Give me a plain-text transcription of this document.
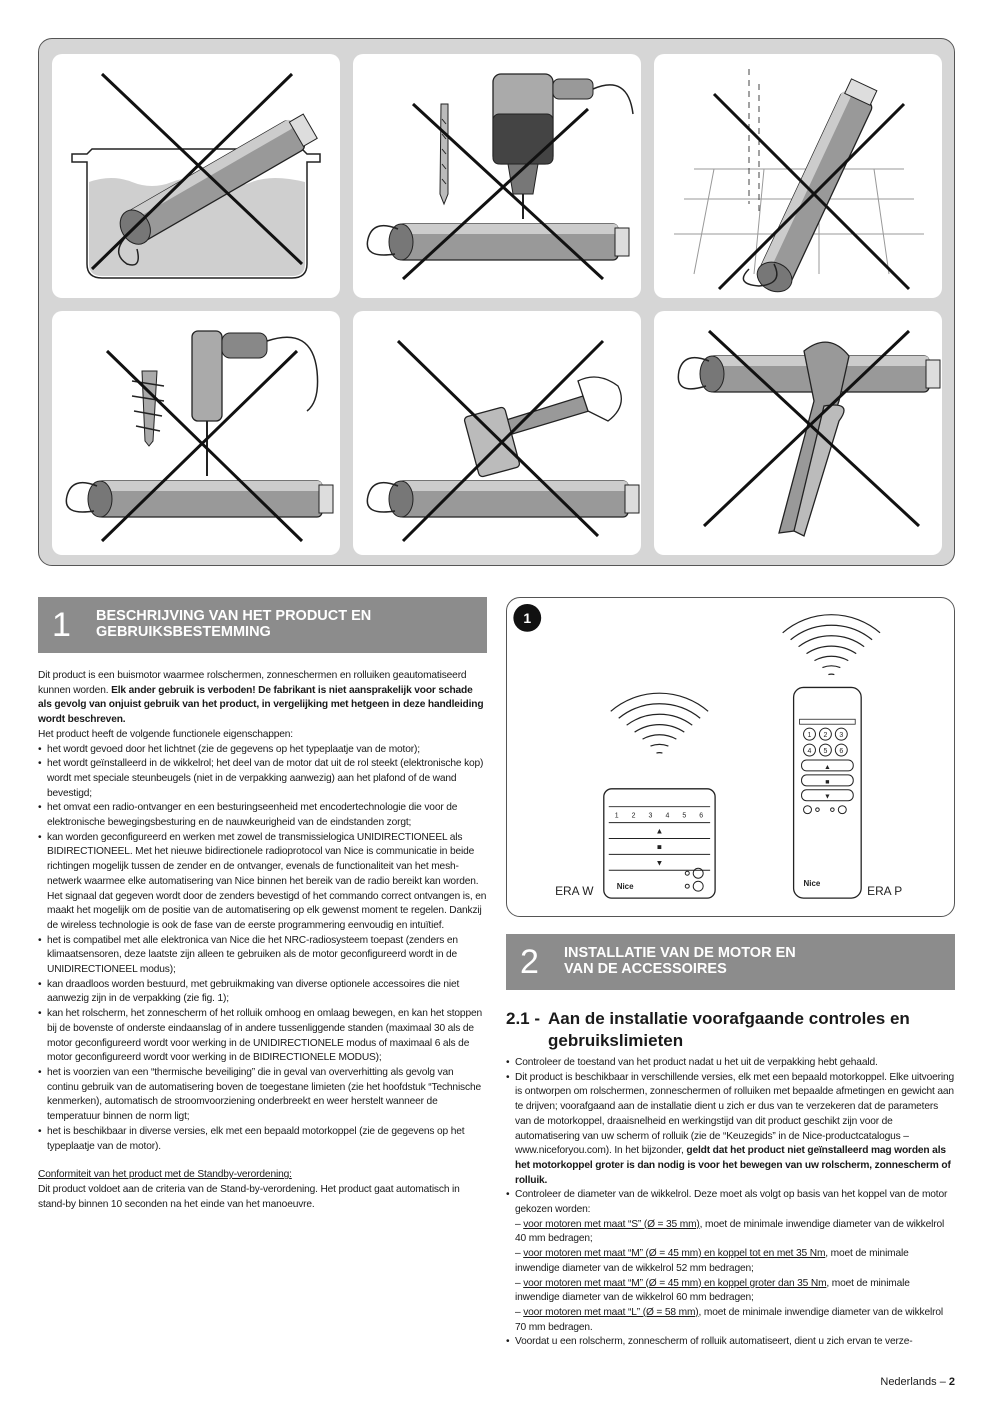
1 BESCHRIJVING VAN HET PRODUCT EN
GEBRUIKSBESTEMMING

Dit product is een buismotor waarmee rolschermen, zonneschermen en rolluiken geautomatiseerd kunnen worden. Elk ander gebruik is verboden! De fabrikant is niet aansprakelijk voor schade als gevolg van onjuist gebruik van het product, in vergelijking met hetgeen in deze handleiding wordt beschreven.

Het product heeft de volgende functionele eigenschappen:

• het wordt gevoed door het lichtnet (zie de gegevens op het typeplaatje van de motor);
• het wordt geïnstalleerd in de wikkelrol; het deel van de motor dat uit de rol steekt (elektronische kop) wordt met speciale steunbeugels (niet in de verpakking aanwezig) aan het plafond of de wand bevestigd;
• het omvat een radio-ontvanger en een besturingseenheid met encodertechnologie die voor de elektronische bewegingsbesturing en de nauwkeurigheid van de eindstanden zorgt;
• kan worden geconfigureerd en werken met zowel de transmissielogica UNIDIRECTIONEEL als BIDIRECTIONEEL. Met het nieuwe bidirectionele radioprotocol van Nice is communicatie in beide richtingen mogelijk tussen de zender en de ontvanger, evenals de functionaliteit van het mesh-netwerk waarmee elke automatisering van Nice binnen het bereik van de radio bereikt kan worden. Het signaal dat gegeven wordt door de zenders bevestigd of het commando correct ontvangen is, en maakt het mogelijk om de positie van de automatisering op elk gewenst moment te regelen. Dankzij de wireless technologie is ook de fase van de eerste programmering eenvoudig en intuïtief.
• het is compatibel met alle elektronica van Nice die het NRC-radiosysteem toepast (zenders en klimaatsensoren, deze laatste zijn alleen te gebruiken als de motor geconfigureerd wordt in de UNIDIRECTIONEEL modus);
• kan draadloos worden bestuurd, met gebruikmaking van diverse optionele accessoires die niet aanwezig zijn in de verpakking (zie fig. 1);
• kan het rolscherm, het zonnescherm of het rolluik omhoog en omlaag bewegen, en kan het stoppen bij de bovenste of onderste eindaanslag of in andere tussenliggende standen (maximaal 30 als de motor geconfigureerd wordt voor werking in de UNIDIRECTIONELE modus of maximaal 6 als de motor geconfigureerd wordt voor werking in de BIDIRECTIONELE MODUS);
• het is voorzien van een “thermische beveiliging” die in geval van oververhitting als gevolg van continu gebruik van de automatisering boven de toegestane limieten (zie het hoofdstuk “Technische kenmerken), automatisch de stroomvoorziening onderbreekt en weer herstelt wanneer de temperatuur binnen de norm ligt;
• het is beschikbaar in diverse versies, elk met een bepaald motorkoppel (zie de gegevens op het typeplaatje van de motor).

Conformiteit van het product met de Standby-verordening:

Dit product voldoet aan de criteria van de Stand-by-verordening. Het product gaat automatisch in stand-by binnen 10 seconden na het einde van het manoeuvre.

1
1 2 3 4 5 6
▲
■
▼
Nice
ERA W
1 2 3
4 5 6
▲
■
▼
Nice
ERA P
2 INSTALLATIE VAN DE MOTOR EN
VAN DE ACCESSOIRES
2.1 - Aan de installatie voorafgaande controles en
gebruikslimieten
• Controleer de toestand van het product nadat u het uit de verpakking hebt gehaald.
• Dit product is beschikbaar in verschillende versies, elk met een bepaald motorkoppel. Elke uitvoering is ontworpen om rolschermen, zonneschermen of rolluiken met bepaalde afmetingen en gewicht aan te drijven; voorafgaand aan de installatie dient u zich er dus van te verzekeren dat de parameters van de motorkoppel, draaisnelheid en werkingstijd van dit product geschikt zijn voor de automatisering van uw scherm of rolluik (zie de “Keuzegids” in de Nice-productcatalogus – www.niceforyou.com). In het bijzonder, geldt dat het product niet geïnstalleerd mag worden als het motorkoppel groter is dan nodig is voor het bewegen van uw rolscherm, zonnescherm of rolluik.
• Controleer de diameter van de wikkelrol. Deze moet als volgt op basis van het koppel van de motor gekozen worden:
– voor motoren met maat “S” (Ø = 35 mm), moet de minimale inwendige diameter van de wikkelrol 40 mm bedragen;
– voor motoren met maat “M” (Ø = 45 mm) en koppel tot en met 35 Nm, moet de minimale inwendige diameter van de wikkelrol 52 mm bedragen;
– voor motoren met maat “M” (Ø = 45 mm) en koppel groter dan 35 Nm, moet de minimale inwendige diameter van de wikkelrol 60 mm bedragen;
– voor motoren met maat “L” (Ø = 58 mm), moet de minimale inwendige diameter van de wikkelrol 70 mm bedragen.
• Voordat u een rolscherm, zonnescherm of rolluik automatiseert, dient u zich ervan te verze-
Nederlands – 2
